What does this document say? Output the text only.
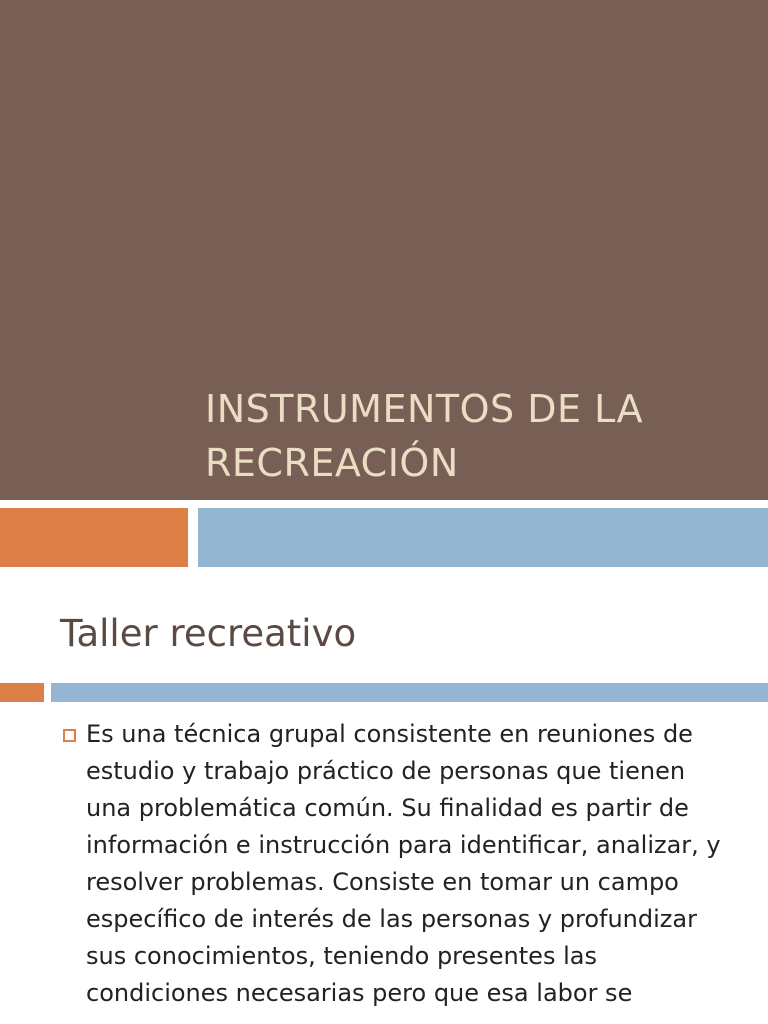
INSTRUMENTOS DE LA RECREACIÓN
Taller recreativo
Es una técnica grupal consistente en reuniones de estudio y trabajo práctico de personas que tienen una problemática común. Su finalidad es partir de información e instrucción para identificar, analizar, y resolver problemas. Consiste en tomar un campo específico de interés de las personas y profundizar sus conocimientos, teniendo presentes las condiciones necesarias pero que esa labor se
